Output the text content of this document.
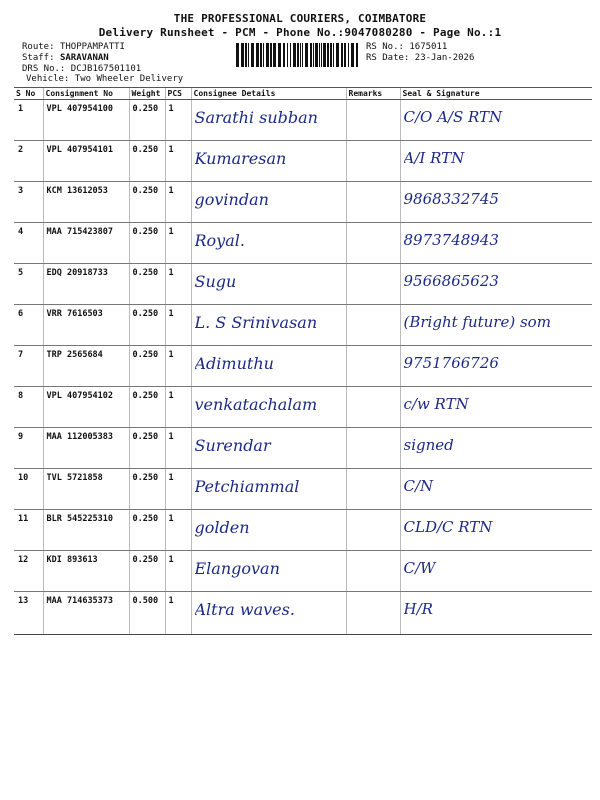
THE PROFESSIONAL COURIERS, COIMBATORE
Delivery Runsheet - PCM - Phone No.:9047080280 - Page No.:1
Route: THOPPAMPATTI
Staff: SARAVANAN
DRS No.: DCJB167501101
Vehicle: Two Wheeler Delivery
RS No.: 1675011
RS Date: 23-Jan-2026
S No	Consignment No	Weight	PCS	Consignee Details	Remarks	Seal & Signature
1	VPL 407954100	0.250	1	Sarathi subban		C/O A/S RTN

2	VPL 407954101	0.250	1	Kumaresan		A/I RTN

3	KCM 13612053	0.250	1	govindan		9868332745

4	MAA 715423807	0.250	1	Royal.		8973748943

5	EDQ 20918733	0.250	1	Sugu		9566865623

6	VRR 7616503	0.250	1	L. S Srinivasan		(Bright future) som

7	TRP 2565684	0.250	1	Adimuthu		9751766726

8	VPL 407954102	0.250	1	venkatachalam		c/w RTN

9	MAA 112005383	0.250	1	Surendar		signed

10	TVL 5721858	0.250	1	Petchiammal		C/N

11	BLR 545225310	0.250	1	golden		CLD/C RTN

12	KDI 893613	0.250	1	Elangovan		C/W

13	MAA 714635373	0.500	1	Altra waves.		H/R
